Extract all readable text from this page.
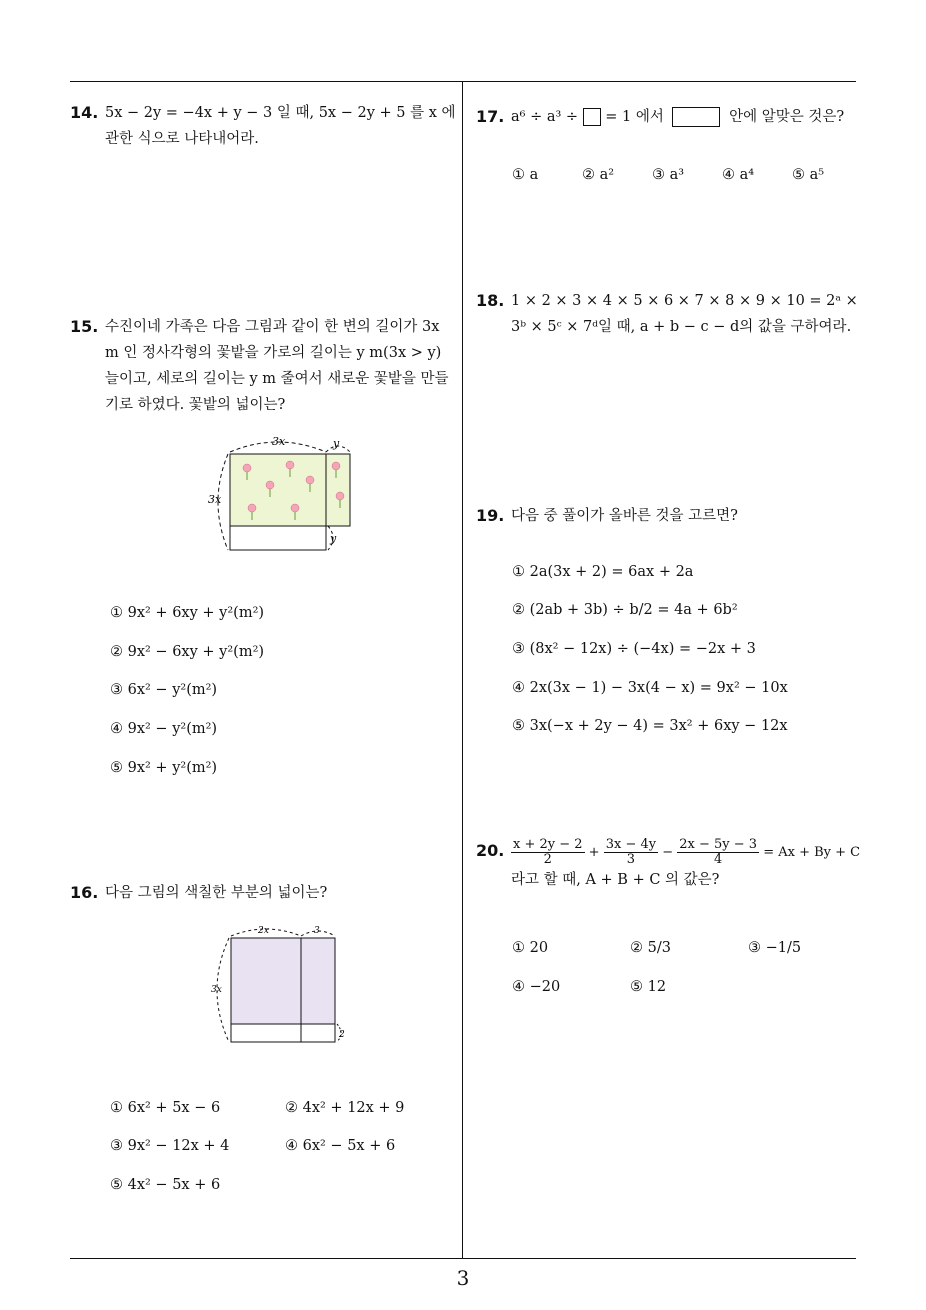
14. 5x − 2y = −4x + y − 3 일 때, 5x − 2y + 5 를 x 에 관한 식으로 나타내어라.
15. 수진이네 가족은 다음 그림과 같이 한 변의 길이가 3x m 인 정사각형의 꽃밭을 가로의 길이는 y m(3x > y) 늘이고, 세로의 길이는 y m 줄여서 새로운 꽃밭을 만들기로 하였다. 꽃밭의 넓이는?
3x	y
3x
y
① 9x² + 6xy + y²(m²)
② 9x² − 6xy + y²(m²)
③ 6x² − y²(m²)
④ 9x² − y²(m²)
⑤ 9x² + y²(m²)
16. 다음 그림의 색칠한 부분의 넓이는?
2x	3
3x
2
① 6x² + 5x − 6	② 4x² + 12x + 9
③ 9x² − 12x + 4	④ 6x² − 5x + 6
⑤ 4x² − 5x + 6
17. a⁶ ÷ a³ ÷ = 1 에서	안에 알맞은 것은?
① a	② a²	③ a³	④ a⁴	⑤ a⁵
18. 1 × 2 × 3 × 4 × 5 × 6 × 7 × 8 × 9 × 10 = 2ᵃ × 3ᵇ × 5ᶜ × 7ᵈ일 때, a + b − c − d의 값을 구하여라.
19. 다음 중 풀이가 올바른 것을 고르면?
① 2a(3x + 2) = 6ax + 2a
② (2ab + 3b) ÷ b/2 = 4a + 6b²
③ (8x² − 12x) ÷ (−4x) = −2x + 3
④ 2x(3x − 1) − 3x(4 − x) = 9x² − 10x
⑤ 3x(−x + 2y − 4) = 3x² + 6xy − 12x
20. $\frac{x + 2y - 2}{2} + \frac{3x - 4y}{3} - \frac{2x - 5y - 3}{4} = Ax + By + C$
라고 할 때, A + B + C 의 값은?
① 20	② 5/3	③ −1/5
④ −20	⑤ 12
3
